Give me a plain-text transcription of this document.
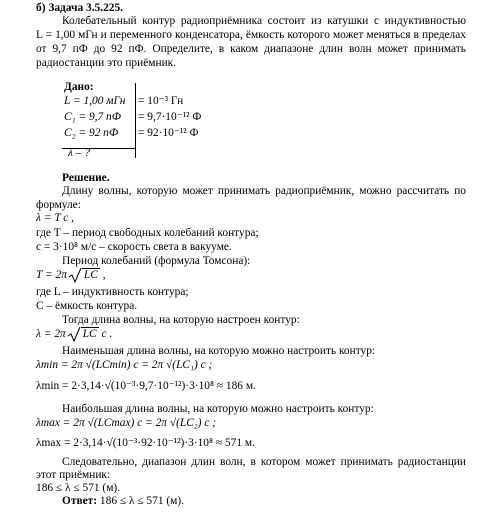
б) Задача 3.5.225.
Колебательный контур радиоприёмника состоит из катушки с индуктивностью
L = 1,00 мГн и переменного конденсатора, ёмкость которого может меняться в пределах
от 9,7 пФ до 92 пФ. Определите, в каком диапазоне длин волн может принимать
радиостанции это приёмник.
Дано:
L = 1,00 мГн = 10⁻³ Гн
C₁ = 9,7 пФ = 9,7·10⁻¹² Ф
C₂ = 92 пФ = 92·10⁻¹² Ф
λ – ?
Решение.
Длину волны, которую может принимать радиоприёмник, можно рассчитать по
формуле:
λ = T c ,
где T – период свободных колебаний контура;
c = 3·10⁸ м/с – скорость света в вакууме.
Период колебаний (формула Томсона):
T = 2π LC ,
где L – индуктивность контура;
C – ёмкость контура.
Тогда длина волны, на которую настроен контур:
λ = 2π LC c .
Наименьшая длина волны, на которую можно настроить контур:
λmin = 2π √(LCmin) c = 2π √(LC₁) c ;
λmin = 2·3,14·√(10⁻³·9,7·10⁻¹²)·3·10⁸ ≈ 186 м.
Наибольшая длина волны, на которую можно настроить контур:
λmax = 2π √(LCmax) c = 2π √(LC₂) c ;
λmax = 2·3,14·√(10⁻³·92·10⁻¹²)·3·10⁸ ≈ 571 м.
Следовательно, диапазон длин волн, в котором может принимать радиостанции
этот приёмник:
186 ≤ λ ≤ 571 (м).
Ответ: 186 ≤ λ ≤ 571 (м).
